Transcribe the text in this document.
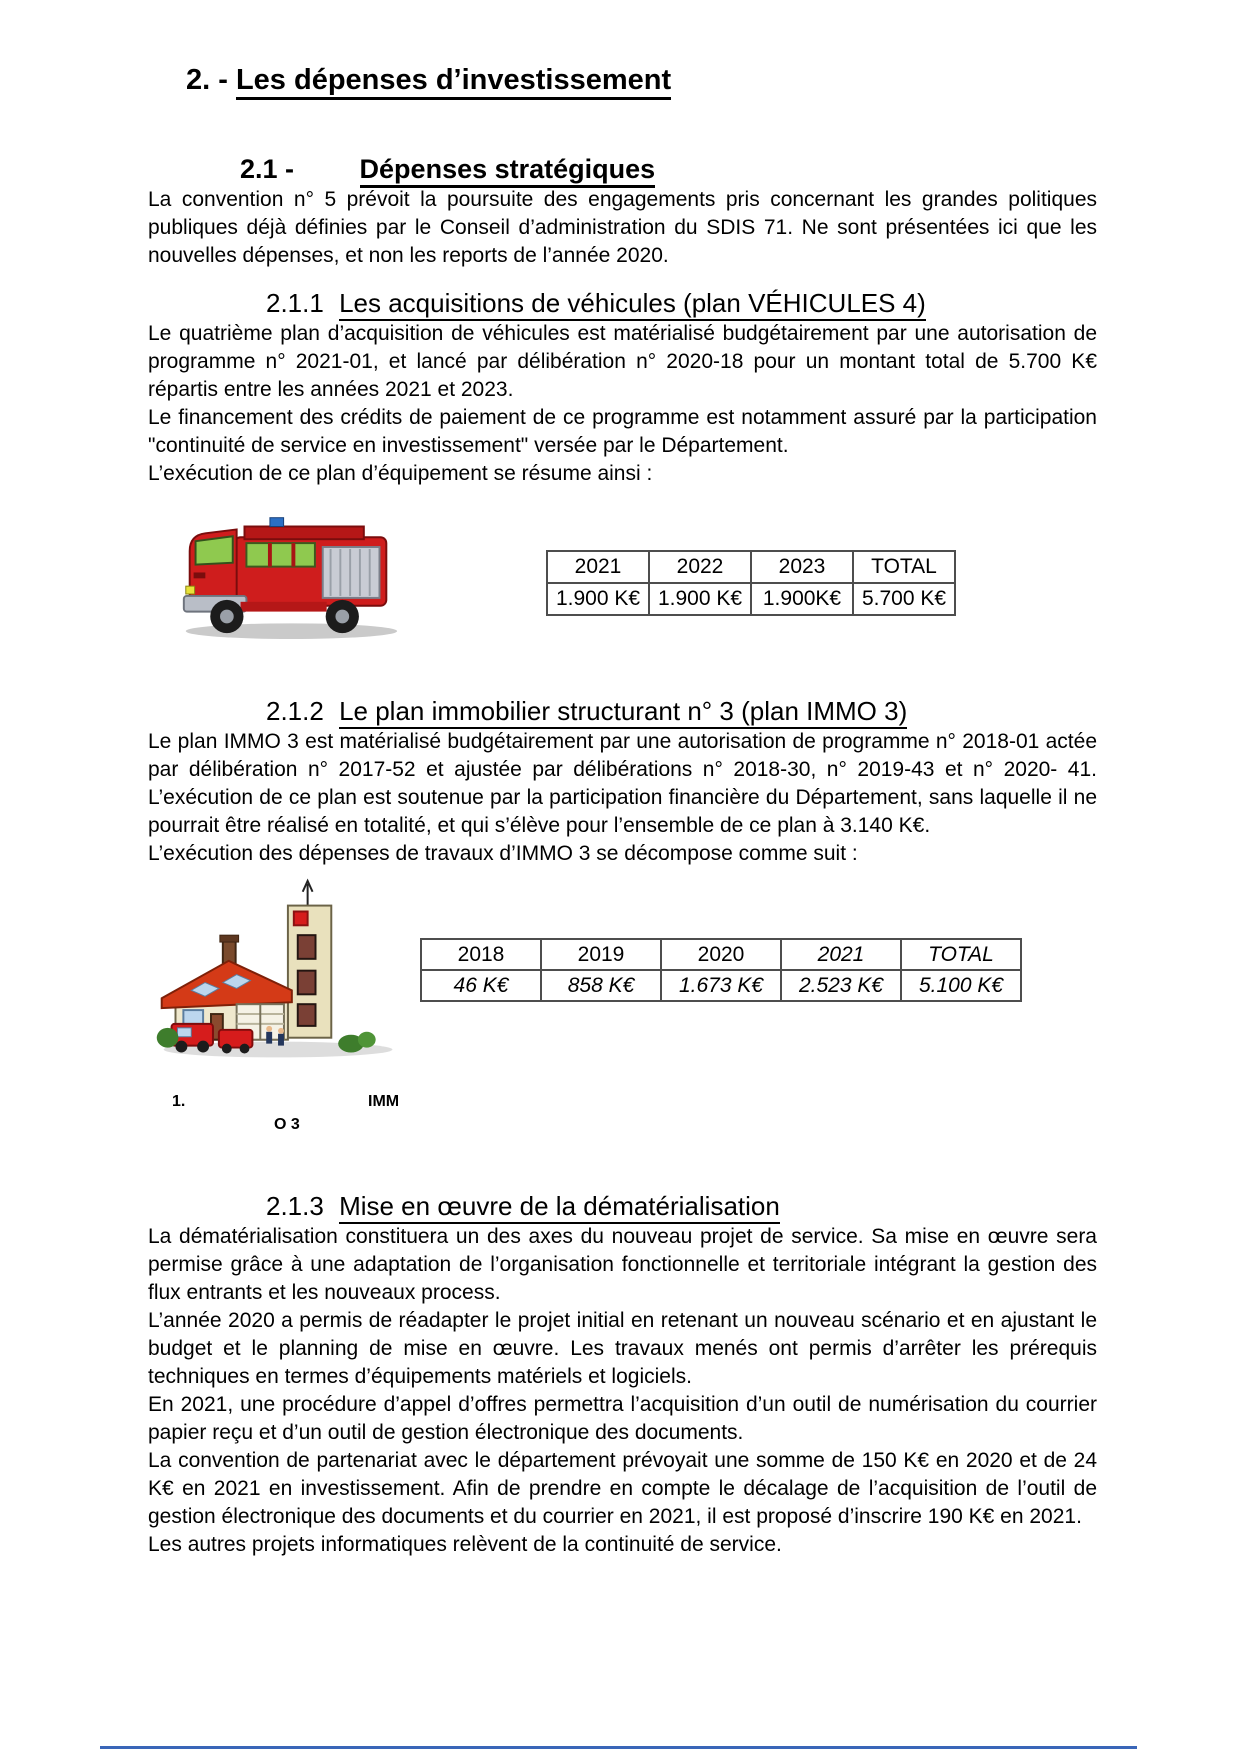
2. - Les dépenses d’investissement
2.1 - Dépenses stratégiques

La convention n° 5 prévoit la poursuite des engagements pris concernant les grandes politiques publiques déjà définies par le Conseil d’administration du SDIS 71. Ne sont présentées ici que les nouvelles dépenses, et non les reports de l’année 2020.

2.1.1 Les acquisitions de véhicules (plan VÉHICULES 4)

Le quatrième plan d’acquisition de véhicules est matérialisé budgétairement par une autorisation de programme n° 2021-01, et lancé par délibération n° 2020-18 pour un montant total de 5.700 K€ répartis entre les années 2021 et 2023.

Le financement des crédits de paiement de ce programme est notamment assuré par la participation "continuité de service en investissement" versée par le Département.

L’exécution de ce plan d’équipement se résume ainsi :

2021	2022	2023	TOTAL
1.900 K€	1.900 K€	1.900K€	5.700 K€
2.1.2 Le plan immobilier structurant n° 3 (plan IMMO 3)

Le plan IMMO 3 est matérialisé budgétairement par une autorisation de programme n° 2018-01 actée par délibération n° 2017-52 et ajustée par délibérations n° 2018-30, n° 2019-43 et n° 2020- 41. L’exécution de ce plan est soutenue par la participation financière du Département, sans laquelle il ne pourrait être réalisé en totalité, et qui s’élève pour l’ensemble de ce plan à 3.140 K€.

L’exécution des dépenses de travaux d’IMMO 3 se décompose comme suit :

2018	2019	2020	2021	TOTAL
46 K€	858 K€	1.673 K€	2.523 K€	5.100 K€
1.	IMM
O 3
2.1.3 Mise en œuvre de la dématérialisation

La dématérialisation constituera un des axes du nouveau projet de service. Sa mise en œuvre sera permise grâce à une adaptation de l’organisation fonctionnelle et territoriale intégrant la gestion des flux entrants et les nouveaux process.

L’année 2020 a permis de réadapter le projet initial en retenant un nouveau scénario et en ajustant le budget et le planning de mise en œuvre. Les travaux menés ont permis d’arrêter les prérequis techniques en termes d’équipements matériels et logiciels.

En 2021, une procédure d’appel d’offres permettra l’acquisition d’un outil de numérisation du courrier papier reçu et d’un outil de gestion électronique des documents.

La convention de partenariat avec le département prévoyait une somme de 150 K€ en 2020 et de 24 K€ en 2021 en investissement. Afin de prendre en compte le décalage de l’acquisition de l’outil de gestion électronique des documents et du courrier en 2021, il est proposé d’inscrire 190 K€ en 2021.

Les autres projets informatiques relèvent de la continuité de service.
